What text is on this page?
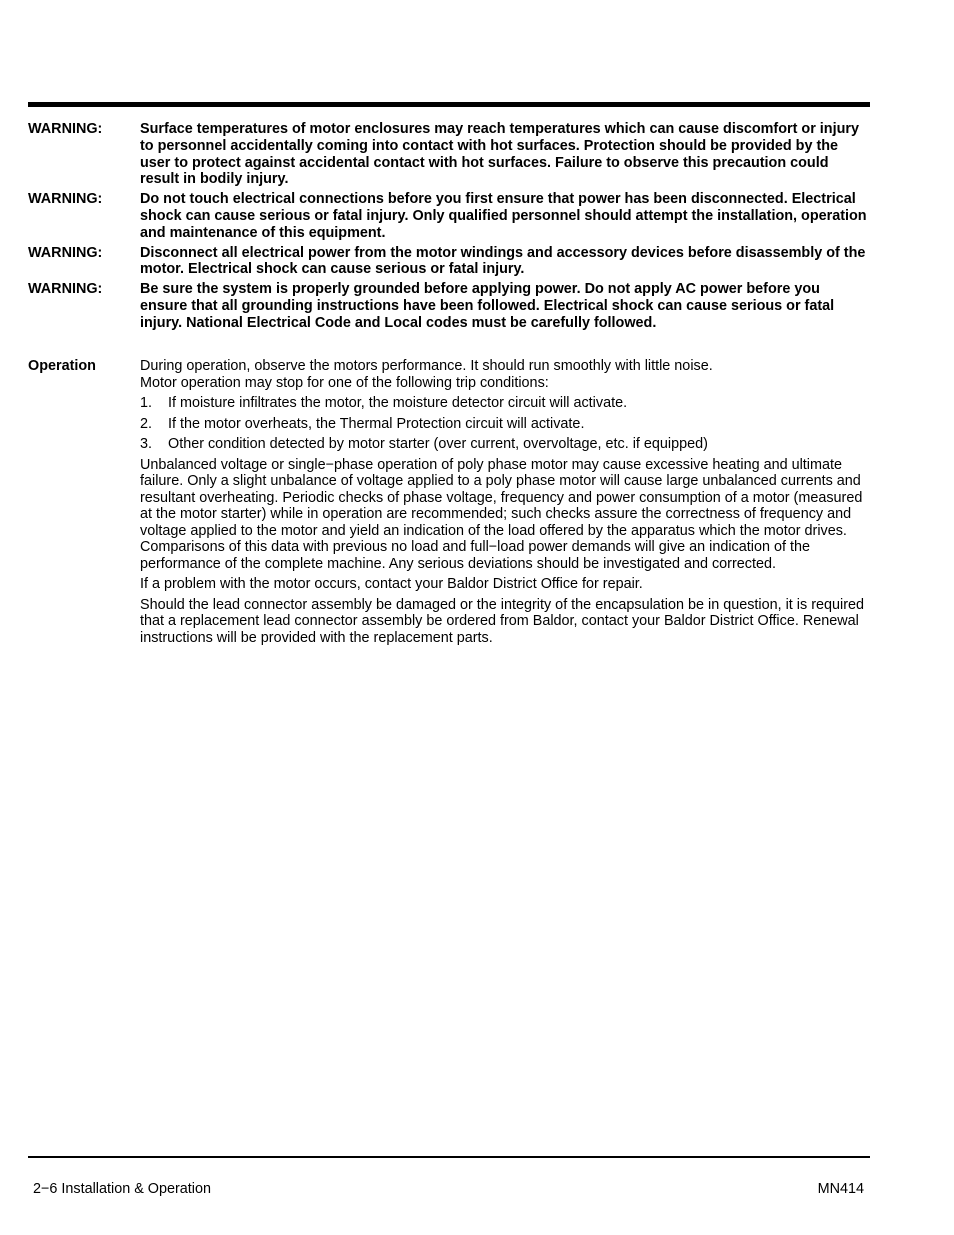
WARNING:	Surface temperatures of motor enclosures may reach temperatures which can cause discomfort or injury to personnel accidentally coming into contact with hot surfaces. Protection should be provided by the user to protect against accidental contact with hot surfaces. Failure to observe this precaution could result in bodily injury.
WARNING:	Do not touch electrical connections before you first ensure that power has been disconnected. Electrical shock can cause serious or fatal injury. Only qualified personnel should attempt the installation, operation and maintenance of this equipment.
WARNING:	Disconnect all electrical power from the motor windings and accessory devices before disassembly of the motor. Electrical shock can cause serious or fatal injury.
WARNING:	Be sure the system is properly grounded before applying power. Do not apply AC power before you ensure that all grounding instructions have been followed. Electrical shock can cause serious or fatal injury. National Electrical Code and Local codes must be carefully followed.
Operation	During operation, observe the motors performance. It should run smoothly with little noise.
Motor operation may stop for one of the following trip conditions:
1.	If moisture infiltrates the motor, the moisture detector circuit will activate.
2.	If the motor overheats, the Thermal Protection circuit will activate.
3.	Other condition detected by motor starter (over current, overvoltage, etc. if equipped)
Unbalanced voltage or single−phase operation of poly phase motor may cause excessive heating and ultimate failure. Only a slight unbalance of voltage applied to a poly phase motor will cause large unbalanced currents and resultant overheating. Periodic checks of phase voltage, frequency and power consumption of a motor (measured at the motor starter) while in operation are recommended; such checks assure the correctness of frequency and voltage applied to the motor and yield an indication of the load offered by the apparatus which the motor drives.
Comparisons of this data with previous no load and full−load power demands will give an indication of the performance of the complete machine. Any serious deviations should be investigated and corrected.
If a problem with the motor occurs, contact your Baldor District Office for repair.
Should the lead connector assembly be damaged or the integrity of the encapsulation be in question, it is required that a replacement lead connector assembly be ordered from Baldor, contact your Baldor District Office. Renewal instructions will be provided with the replacement parts.
2−6 Installation & Operation	MN414
